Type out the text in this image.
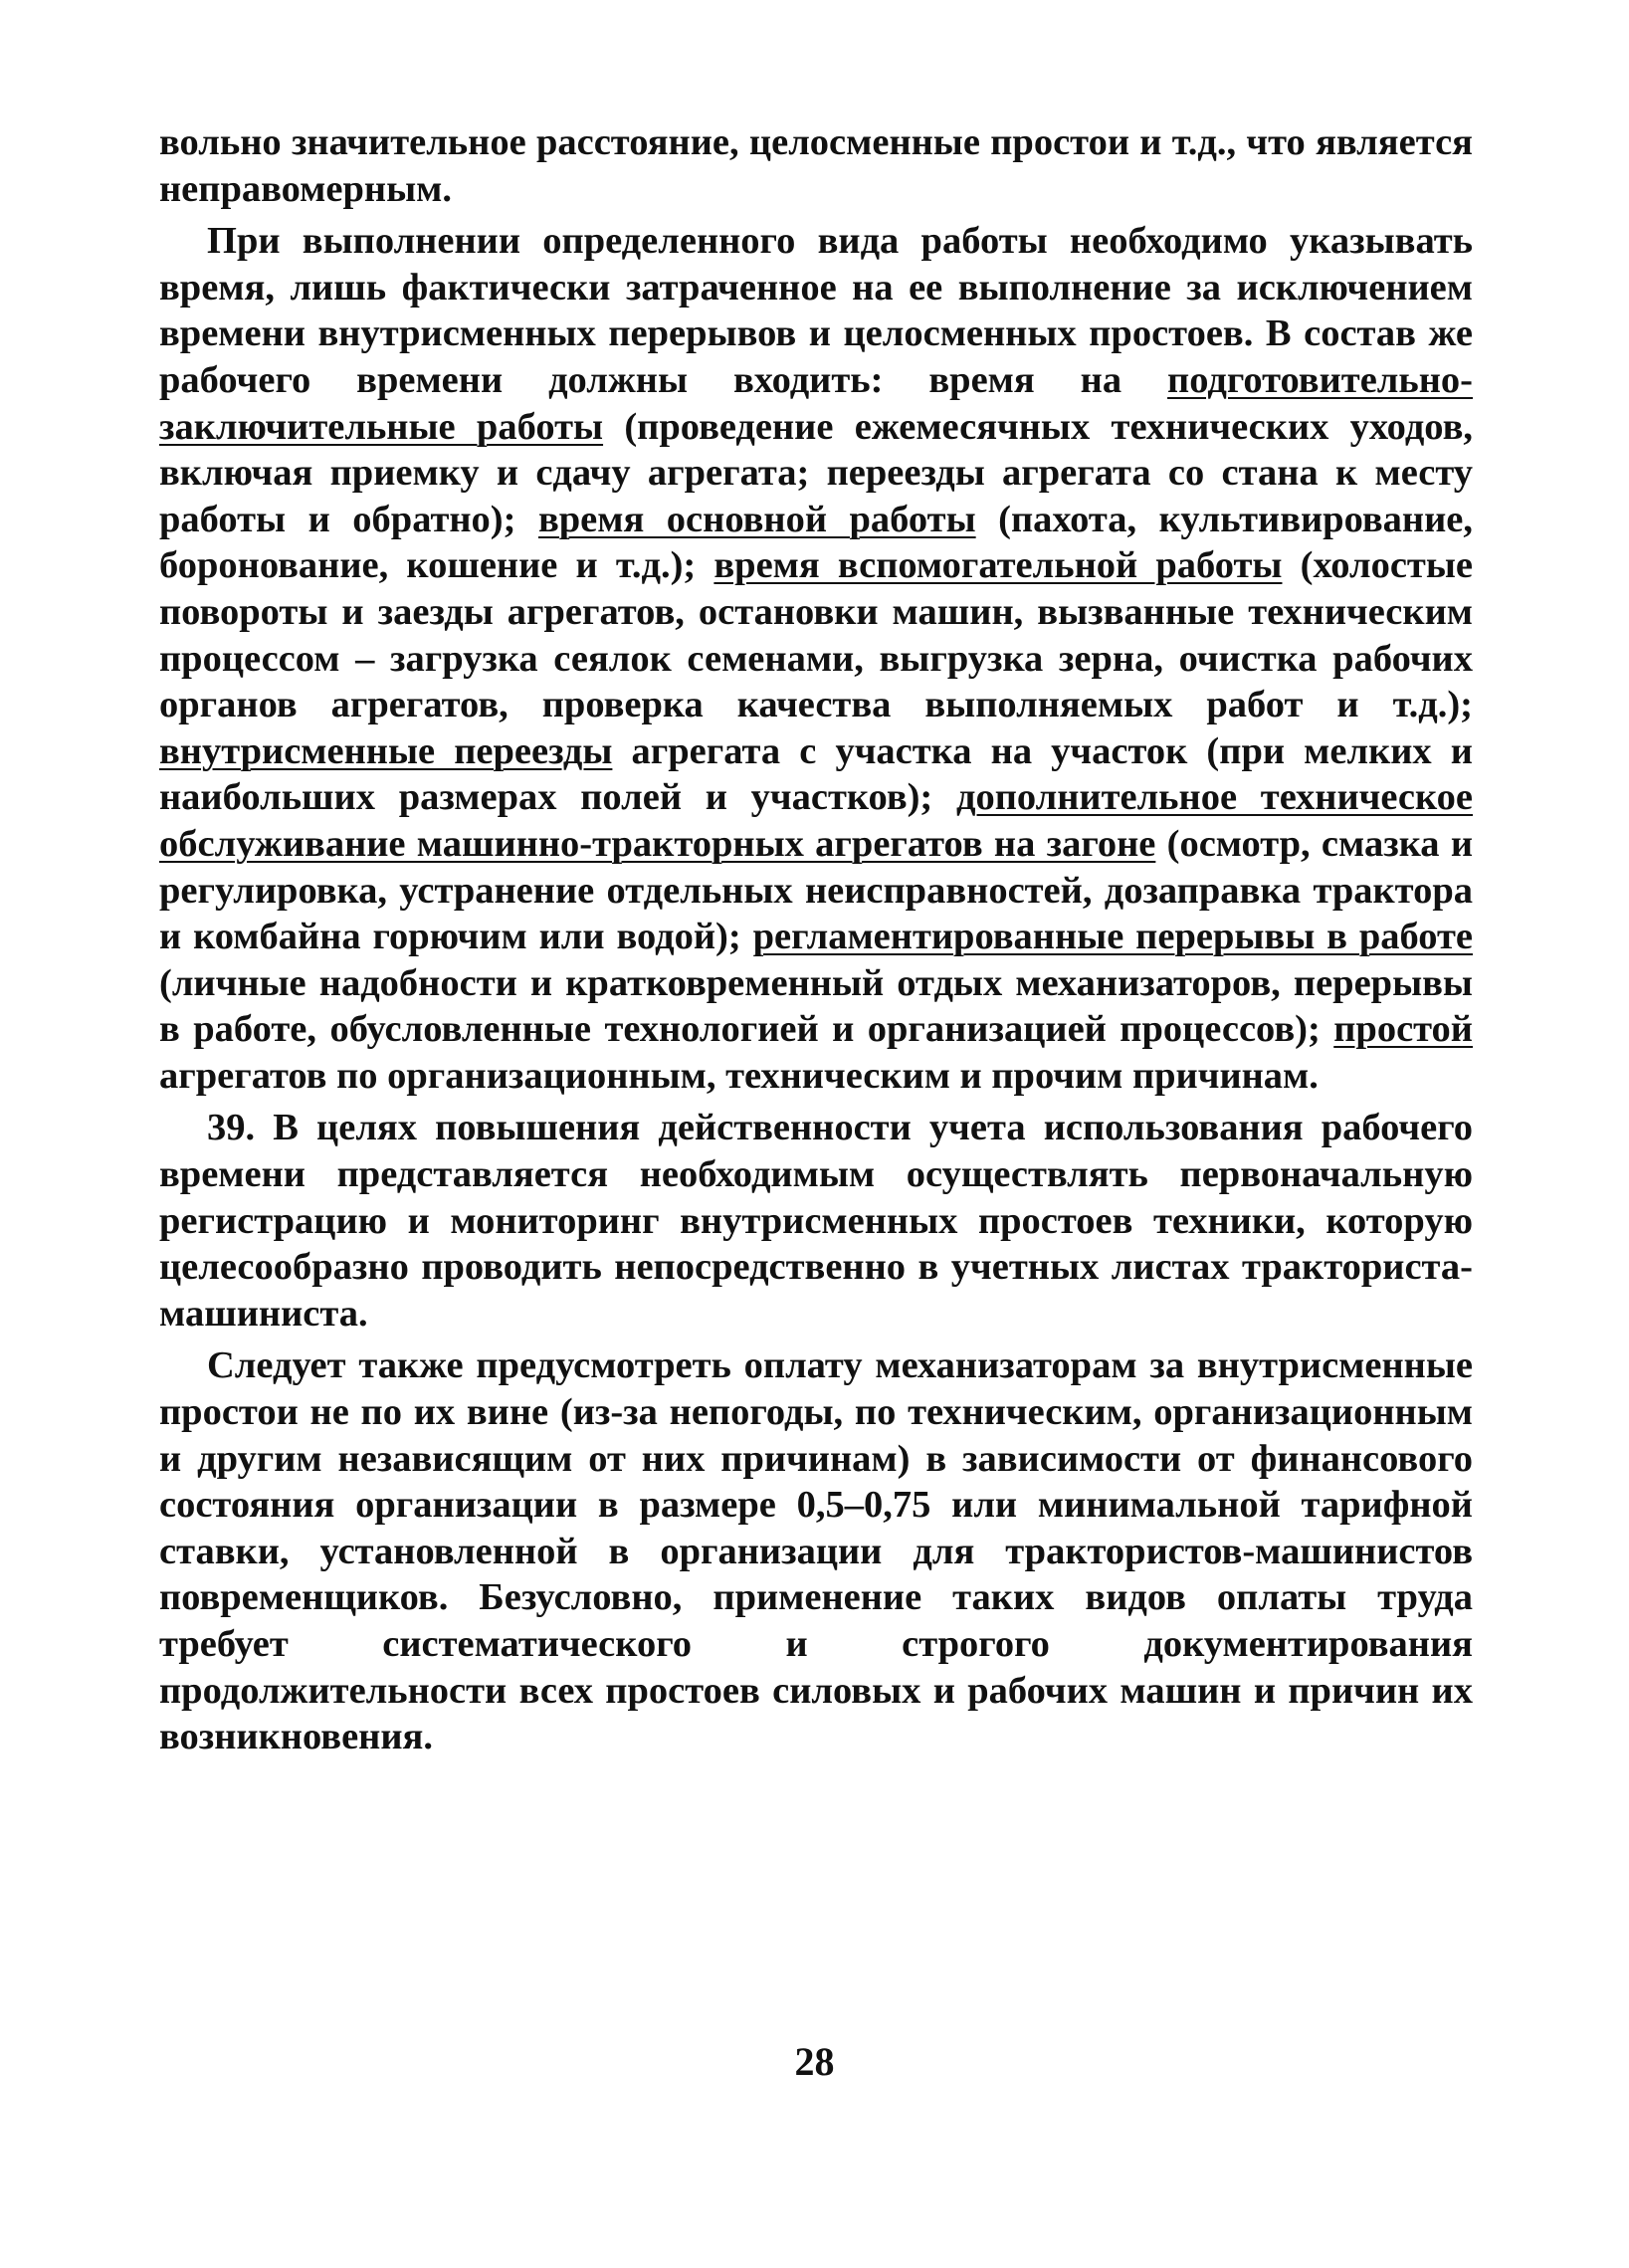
вольно значительное расстояние, целосменные простои и т.д., что является неправомерным.

При выполнении определенного вида работы необходимо указывать время, лишь фактически затраченное на ее выполнение за исключением времени внутрисменных перерывов и целосменных простоев. В состав же рабочего времени должны входить: время на подготовительно-заключительные работы (проведение ежемесячных технических уходов, включая приемку и сдачу агрегата; переезды агрегата со стана к месту работы и обратно); время основной работы (пахота, культивирование, боронование, кошение и т.д.); время вспомогательной работы (холостые повороты и заезды агрегатов, остановки машин, вызванные техническим процессом – загрузка сеялок семенами, выгрузка зерна, очистка рабочих органов агрегатов, проверка качества выполняемых работ и т.д.); внутрисменные переезды агрегата с участка на участок (при мелких и наибольших размерах полей и участков); дополнительное техническое обслуживание машинно-тракторных агрегатов на загоне (осмотр, смазка и регулировка, устранение отдельных неисправностей, дозаправка трактора и комбайна горючим или водой); регламентированные перерывы в работе (личные надобности и кратковременный отдых механизаторов, перерывы в работе, обусловленные технологией и организацией процессов); простой агрегатов по организационным, техническим и прочим причинам.

39. В целях повышения действенности учета использования рабочего времени представляется необходимым осуществлять первоначальную регистрацию и мониторинг внутрисменных простоев техники, которую целесообразно проводить непосредственно в учетных листах тракториста-машиниста.

Следует также предусмотреть оплату механизаторам за внутрисменные простои не по их вине (из-за непогоды, по техническим, организационным и другим независящим от них причинам) в зависимости от финансового состояния организации в размере 0,5–0,75 или минимальной тарифной ставки, установленной в организации для трактористов-машинистов повременщиков. Безусловно, применение таких видов оплаты труда требует систематического и строгого документирования продолжительности всех простоев силовых и рабочих машин и причин их возникновения.

28
